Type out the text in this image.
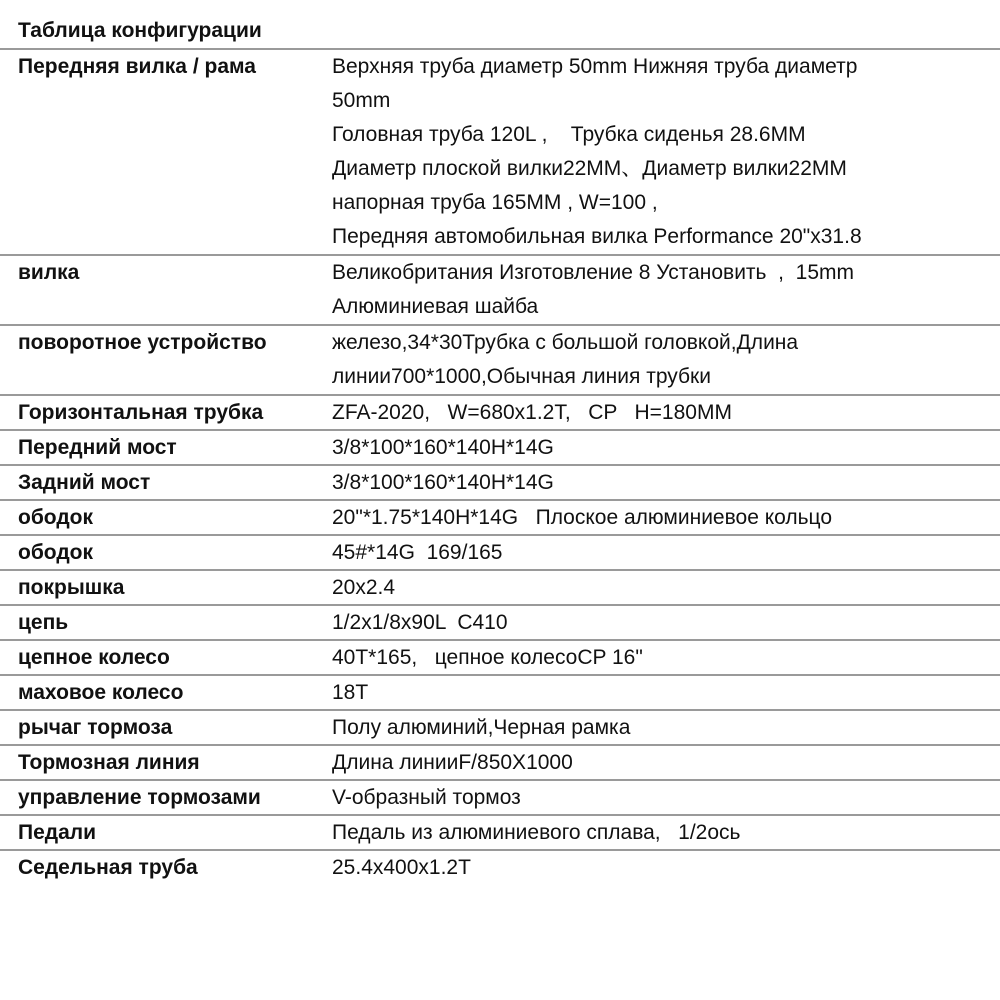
Таблица конфигурации
Передняя вилка / рама	Верхняя труба диаметр 50mm Нижняя труба диаметр
50mm
Головная труба 120L ,    Трубка сиденья 28.6MM
Диаметр плоской вилки22MM、Диаметр вилки22MM
напорная труба 165MM , W=100 ,
Передняя автомобильная вилка Performance 20"x31.8
вилка	Великобритания Изготовление 8 Установить  ,  15mm
Алюминиевая шайба
поворотное устройство	железо,34*30Трубка с большой головкой,Длина
линии700*1000,Обычная линия трубки
Горизонтальная трубка	ZFA-2020,   W=680x1.2T,   CP   H=180MM
Передний мост	3/8*100*160*140H*14G
Задний мост	3/8*100*160*140H*14G
ободок	20"*1.75*140H*14G   Плоское алюминиевое кольцо
ободок	45#*14G  169/165
покрышка	20x2.4
цепь	1/2x1/8x90L  C410
цепное колесо	40T*165,   цепное колесоCP 16"
маховое колесо	18T
рычаг тормоза	Полу алюминий,Черная рамка
Тормозная линия	Длина линииF/850X1000
управление тормозами	V-образный тормоз
Педали	Педаль из алюминиевого сплава,   1/2ось
Седельная труба	25.4x400x1.2T
